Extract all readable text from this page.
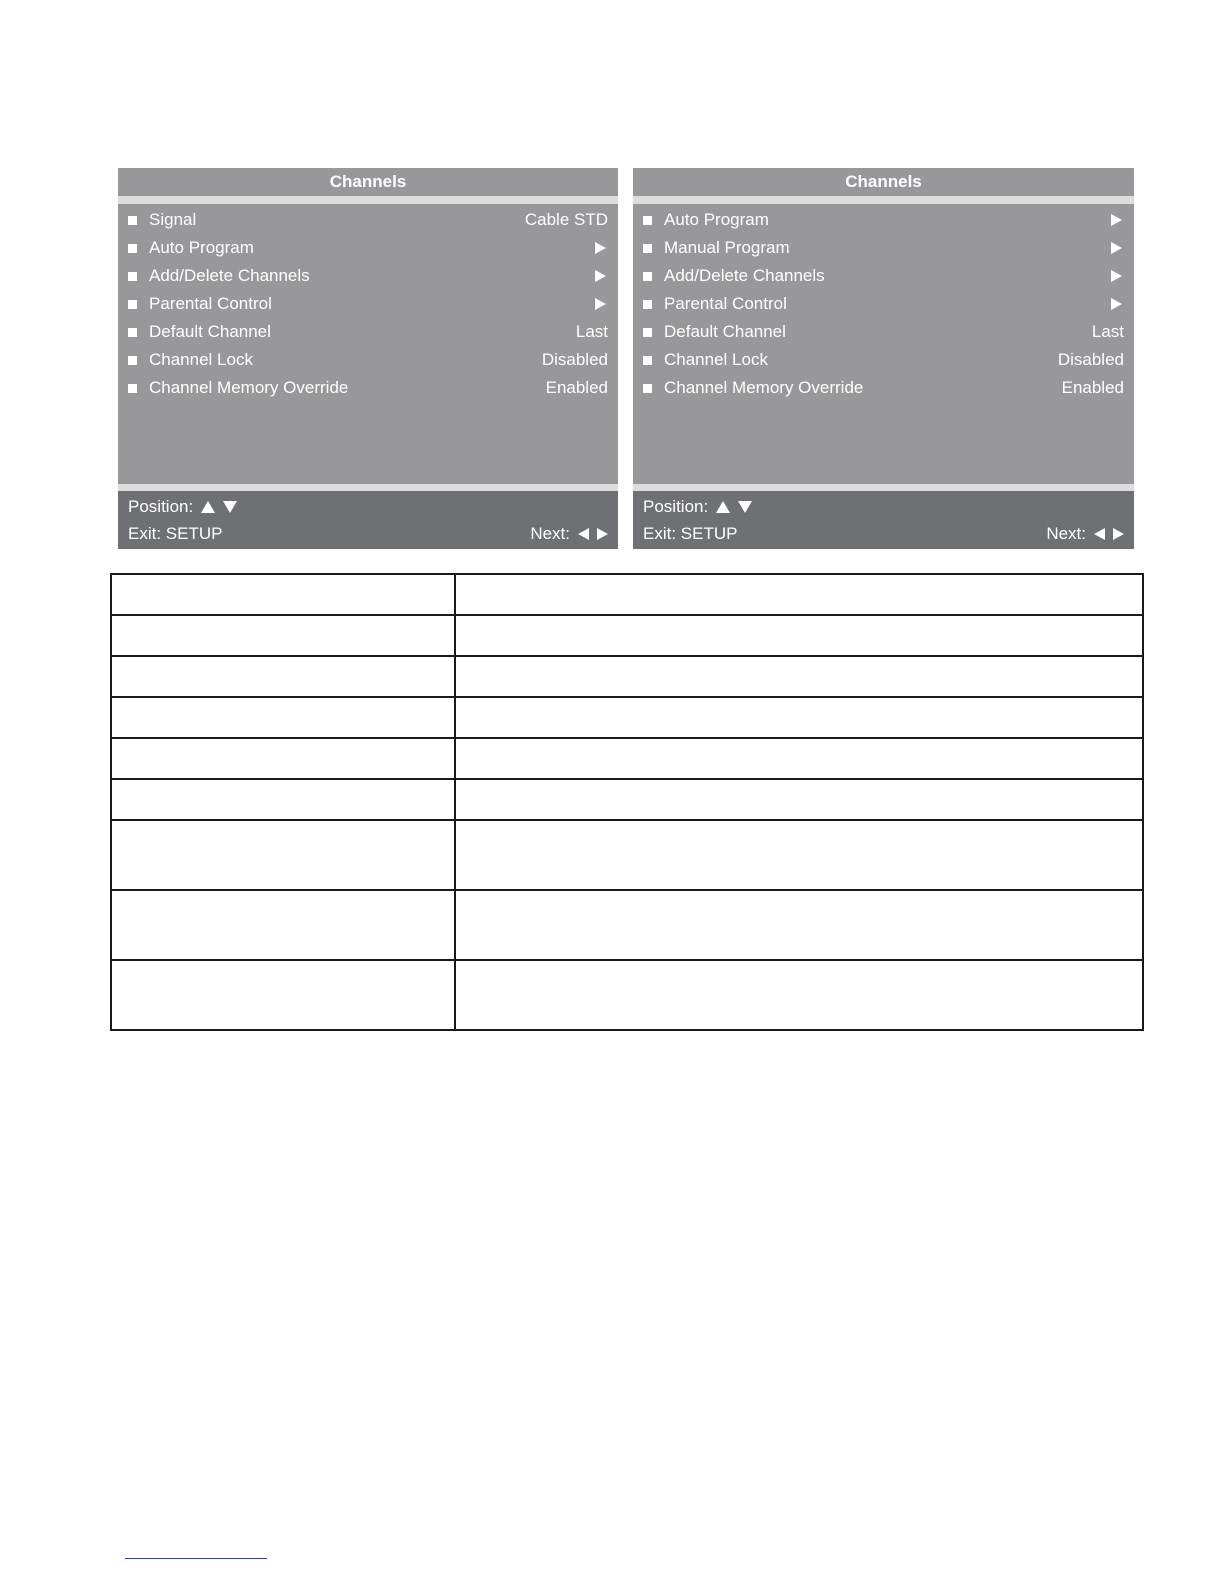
Channels
Signal	Cable STD
Auto Program
Add/Delete Channels
Parental Control
Default Channel	Last
Channel Lock	Disabled
Channel Memory Override	Enabled
Position:
Exit: SETUP	Next:
Channels
Auto Program
Manual Program
Add/Delete Channels
Parental Control
Default Channel	Last
Channel Lock	Disabled
Channel Memory Override	Enabled
Position:
Exit: SETUP	Next:
